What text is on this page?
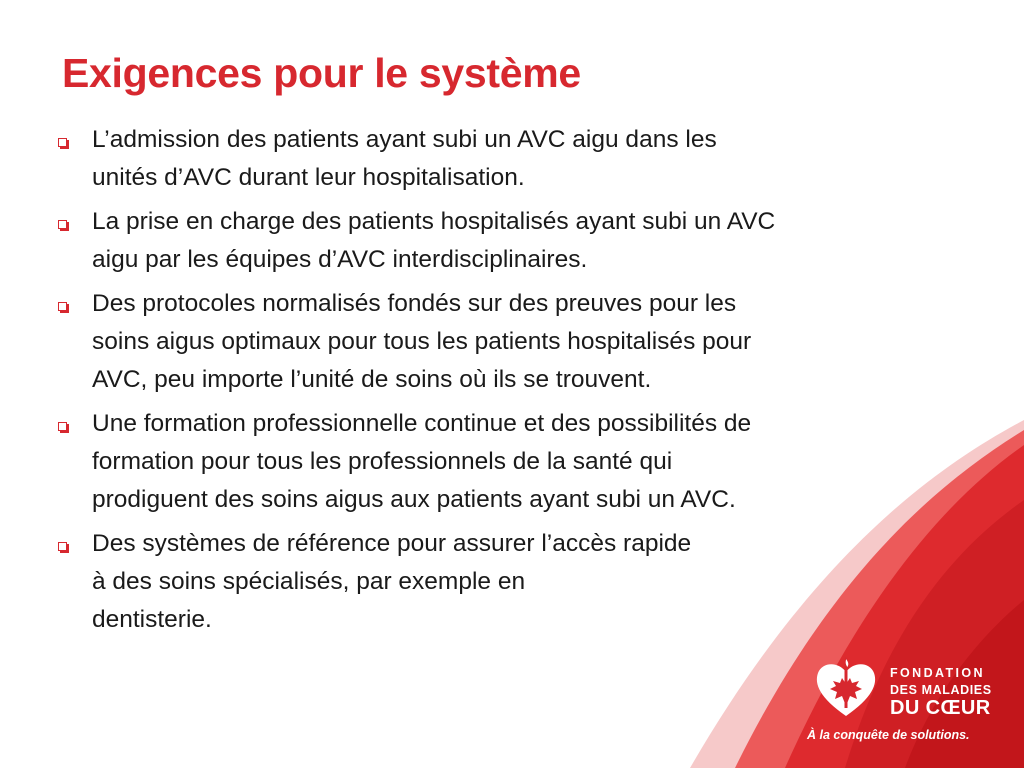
Exigences pour le système
L’admission des patients ayant subi un AVC aigu dans les
unités d’AVC durant leur hospitalisation.
La prise en charge des patients hospitalisés ayant subi un AVC
aigu par les équipes d’AVC interdisciplinaires.
Des protocoles normalisés fondés sur des preuves pour les
soins aigus optimaux pour tous les patients hospitalisés pour
AVC, peu importe l’unité de soins où ils se trouvent.
Une formation professionnelle continue et des possibilités de
formation pour tous les professionnels de la santé qui
prodiguent des soins aigus aux patients ayant subi un AVC.
Des systèmes de référence pour assurer l’accès rapide
à des soins spécialisés, par exemple en
dentisterie.
FONDATION
DES MALADIES
DU CŒUR
À la conquête de solutions.
